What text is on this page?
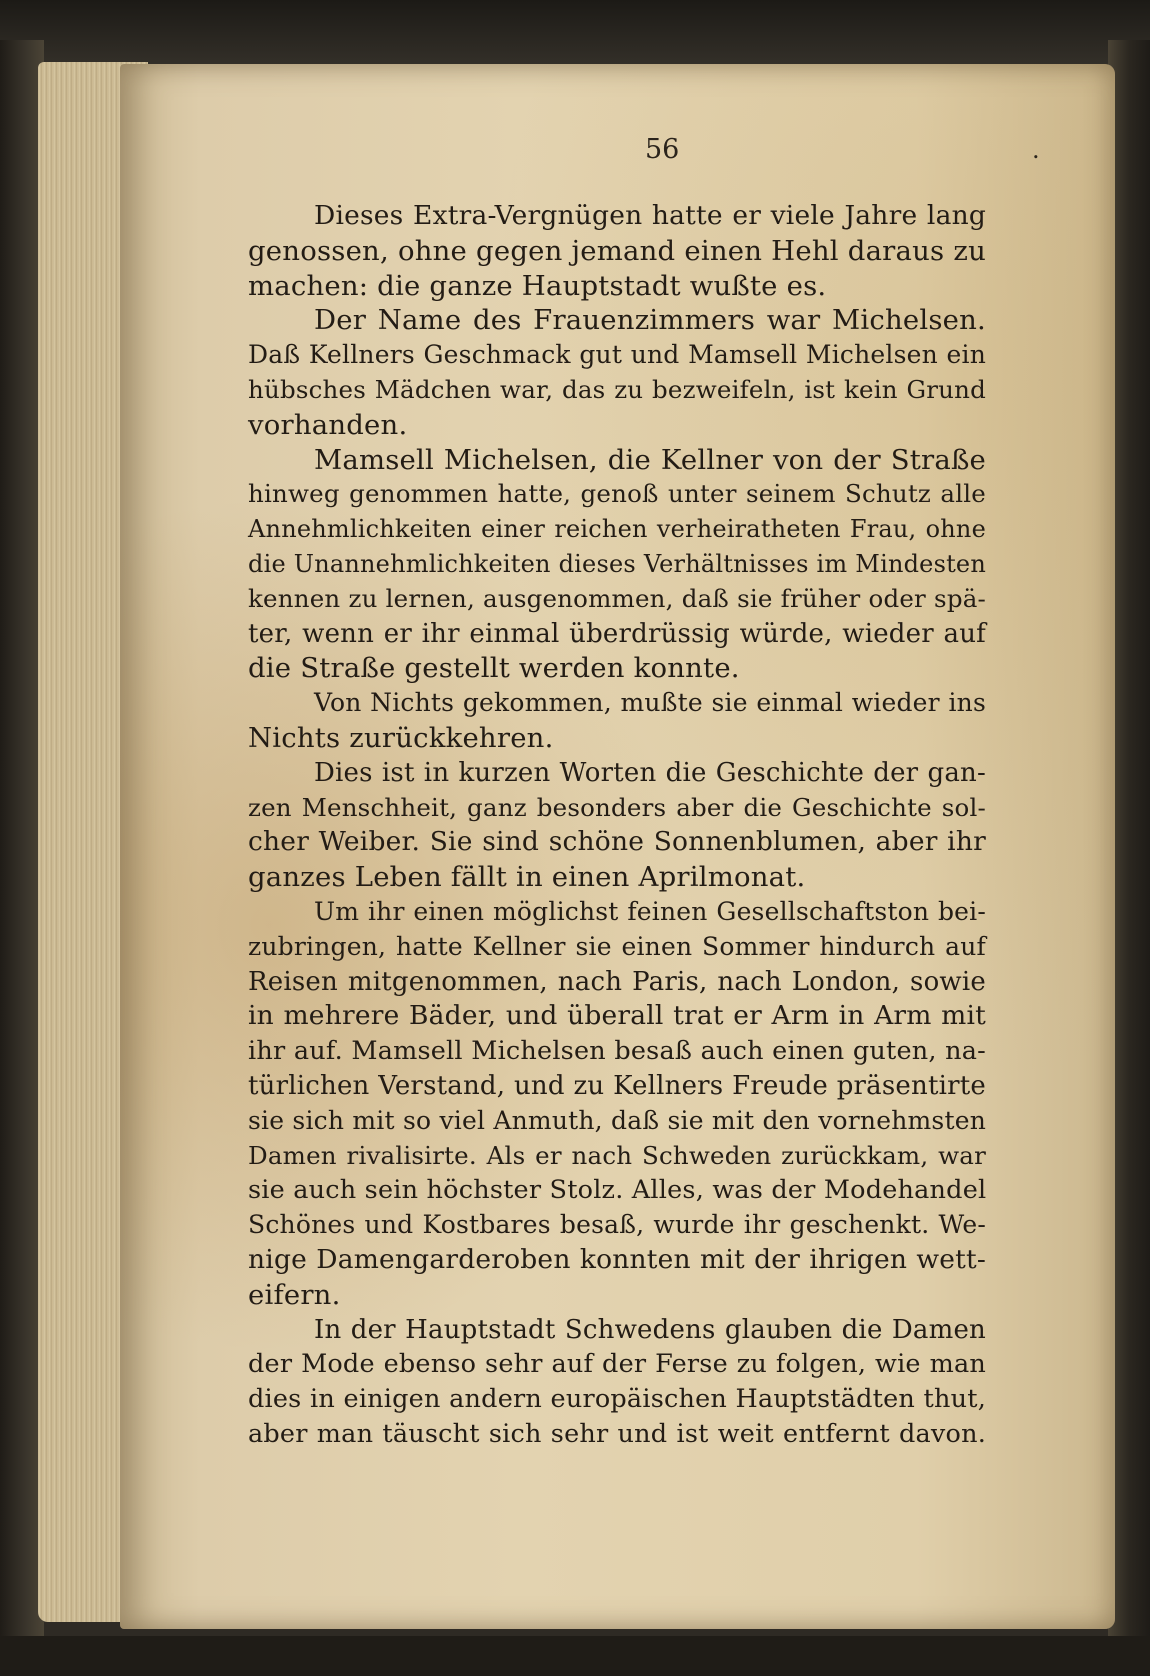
56	.
Dieses Extra-Vergnügen hatte er viele Jahre lang
genossen, ohne gegen jemand einen Hehl daraus zu
machen: die ganze Hauptstadt wußte es.
Der Name des Frauenzimmers war Michelsen.
Daß Kellners Geschmack gut und Mamsell Michelsen ein
hübsches Mädchen war, das zu bezweifeln, ist kein Grund
vorhanden.
Mamsell Michelsen, die Kellner von der Straße
hinweg genommen hatte, genoß unter seinem Schutz alle
Annehmlichkeiten einer reichen verheiratheten Frau, ohne
die Unannehmlichkeiten dieses Verhältnisses im Mindesten
kennen zu lernen, ausgenommen, daß sie früher oder spä-
ter, wenn er ihr einmal überdrüssig würde, wieder auf
die Straße gestellt werden konnte.
Von Nichts gekommen, mußte sie einmal wieder ins
Nichts zurückkehren.
Dies ist in kurzen Worten die Geschichte der gan-
zen Menschheit, ganz besonders aber die Geschichte sol-
cher Weiber. Sie sind schöne Sonnenblumen, aber ihr
ganzes Leben fällt in einen Aprilmonat.
Um ihr einen möglichst feinen Gesellschaftston bei-
zubringen, hatte Kellner sie einen Sommer hindurch auf
Reisen mitgenommen, nach Paris, nach London, sowie
in mehrere Bäder, und überall trat er Arm in Arm mit
ihr auf. Mamsell Michelsen besaß auch einen guten, na-
türlichen Verstand, und zu Kellners Freude präsentirte
sie sich mit so viel Anmuth, daß sie mit den vornehmsten
Damen rivalisirte. Als er nach Schweden zurückkam, war
sie auch sein höchster Stolz. Alles, was der Modehandel
Schönes und Kostbares besaß, wurde ihr geschenkt. We-
nige Damengarderoben konnten mit der ihrigen wett-
eifern.
In der Hauptstadt Schwedens glauben die Damen
der Mode ebenso sehr auf der Ferse zu folgen, wie man
dies in einigen andern europäischen Hauptstädten thut,
aber man täuscht sich sehr und ist weit entfernt davon.
